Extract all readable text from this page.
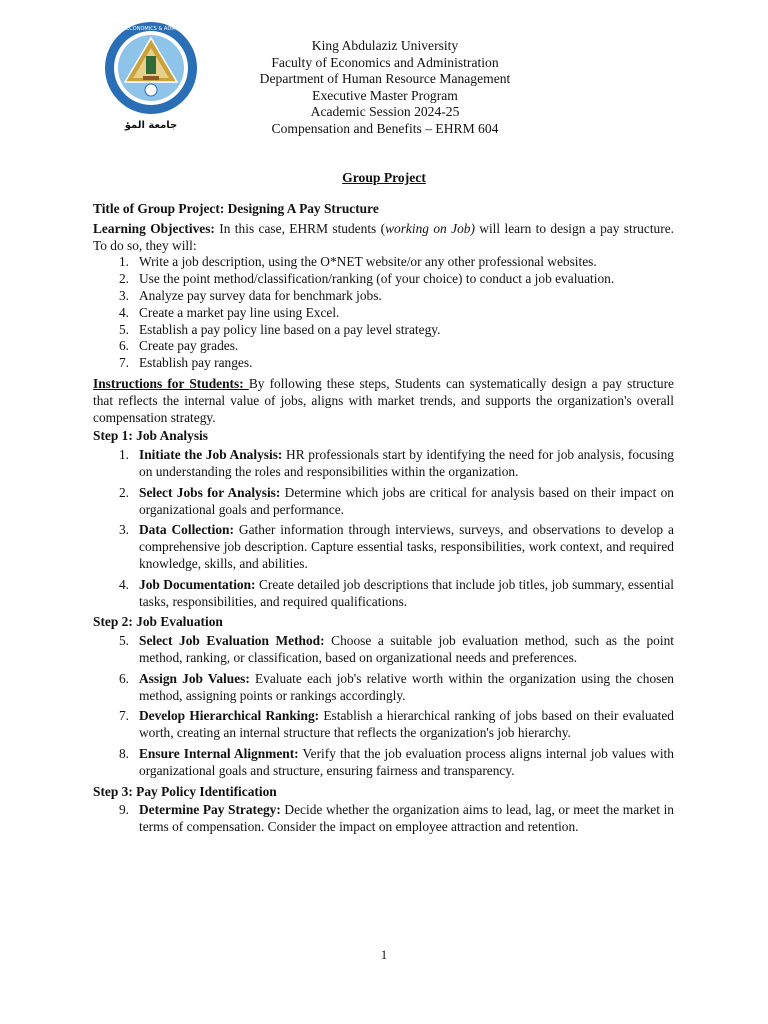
FACULTY OF ECONOMICS & ADMINISTRATION
جامعة المؤ
King Abdulaziz University
Faculty of Economics and Administration
Department of Human Resource Management
Executive Master Program
Academic Session 2024-25
Compensation and Benefits – EHRM 604
Group Project

Title of Group Project: Designing A Pay Structure

Learning Objectives: In this case, EHRM students (working on Job) will learn to design a pay structure. To do so, they will:

1. Write a job description, using the O*NET website/or any other professional websites.
2. Use the point method/classification/ranking (of your choice) to conduct a job evaluation.
3. Analyze pay survey data for benchmark jobs.
4. Create a market pay line using Excel.
5. Establish a pay policy line based on a pay level strategy.
6. Create pay grades.
7. Establish pay ranges.

Instructions for Students: By following these steps, Students can systematically design a pay structure that reflects the internal value of jobs, aligns with market trends, and supports the organization's overall compensation strategy.

Step 1: Job Analysis

1. Initiate the Job Analysis: HR professionals start by identifying the need for job analysis, focusing on understanding the roles and responsibilities within the organization.
2. Select Jobs for Analysis: Determine which jobs are critical for analysis based on their impact on organizational goals and performance.
3. Data Collection: Gather information through interviews, surveys, and observations to develop a comprehensive job description. Capture essential tasks, responsibilities, work context, and required knowledge, skills, and abilities.
4. Job Documentation: Create detailed job descriptions that include job titles, job summary, essential tasks, responsibilities, and required qualifications.

Step 2: Job Evaluation

5. Select Job Evaluation Method: Choose a suitable job evaluation method, such as the point method, ranking, or classification, based on organizational needs and preferences.
6. Assign Job Values: Evaluate each job's relative worth within the organization using the chosen method, assigning points or rankings accordingly.
7. Develop Hierarchical Ranking: Establish a hierarchical ranking of jobs based on their evaluated worth, creating an internal structure that reflects the organization's job hierarchy.
8. Ensure Internal Alignment: Verify that the job evaluation process aligns internal job values with organizational goals and structure, ensuring fairness and transparency.

Step 3: Pay Policy Identification

9. Determine Pay Strategy: Decide whether the organization aims to lead, lag, or meet the market in terms of compensation. Consider the impact on employee attraction and retention.
1
